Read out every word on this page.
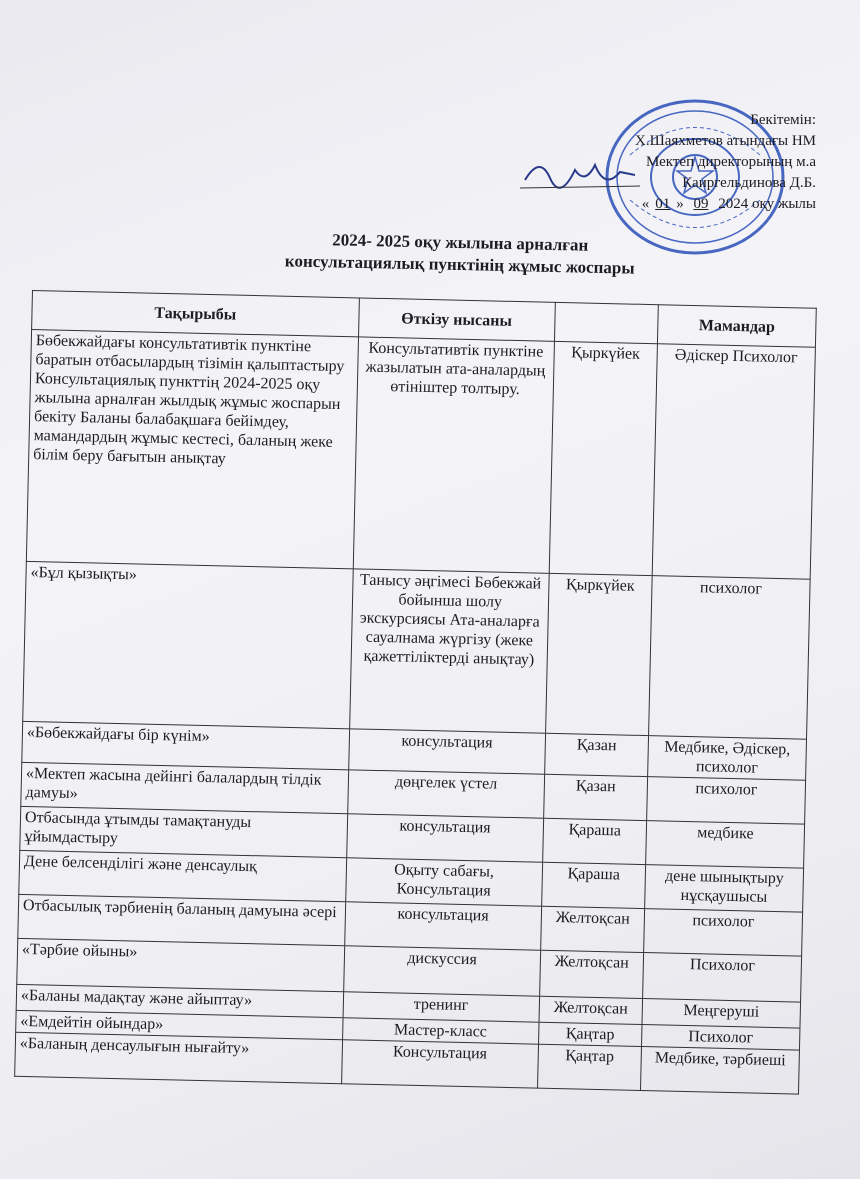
Бекітемін:
Х.Шаяхметов атындағы НМ
Мектеп директорының м.а
Каиргельдинова Д.Б.
« 01 » 09 2024 оқу жылы
2024- 2025 оқу жылына арналған
консультациялық пунктінің жұмыс жоспары
Тақырыбы	Өткізу нысаны		Мамандар
Бөбекжайдағы консультативтік пунктіне баратын отбасылардың тізімін қалыптастыру Консультациялық пункттің 2024-2025 оқу жылына арналған жылдық жұмыс жоспарын бекіту Баланы балабақшаға бейімдеу, мамандардың жұмыс кестесі, баланың жеке білім беру бағытын анықтау	Консультативтік пунктіне жазылатын ата-аналардың өтініштер толтыру.	Қыркүйек	Әдіскер Психолог
«Бұл қызықты»	Танысу әңгімесі Бөбекжай бойынша шолу экскурсиясы Ата-аналарға сауалнама жүргізу (жеке қажеттіліктерді анықтау)	Қыркүйек	психолог
«Бөбекжайдағы бір күнім»	консультация	Қазан	Медбике, Әдіскер, психолог
«Мектеп жасына дейінгі балалардың тілдік дамуы»	дөңгелек үстел	Қазан	психолог
Отбасында ұтымды тамақтануды ұйымдастыру	консультация	Қараша	медбике
Дене белсенділігі және денсаулық	Оқыту сабағы, Консультация	Қараша	дене шынықтыру нұсқаушысы
Отбасылық тәрбиенің баланың дамуына әсері	консультация	Желтоқсан	психолог
«Тәрбие ойыны»	дискуссия	Желтоқсан	Психолог
«Баланы мадақтау және айыптау»	тренинг	Желтоқсан	Меңгеруші
«Емдейтін ойындар»	Мастер-класс	Қаңтар	Психолог
«Баланың денсаулығын нығайту»	Консультация	Қаңтар	Медбике, тәрбиеші
